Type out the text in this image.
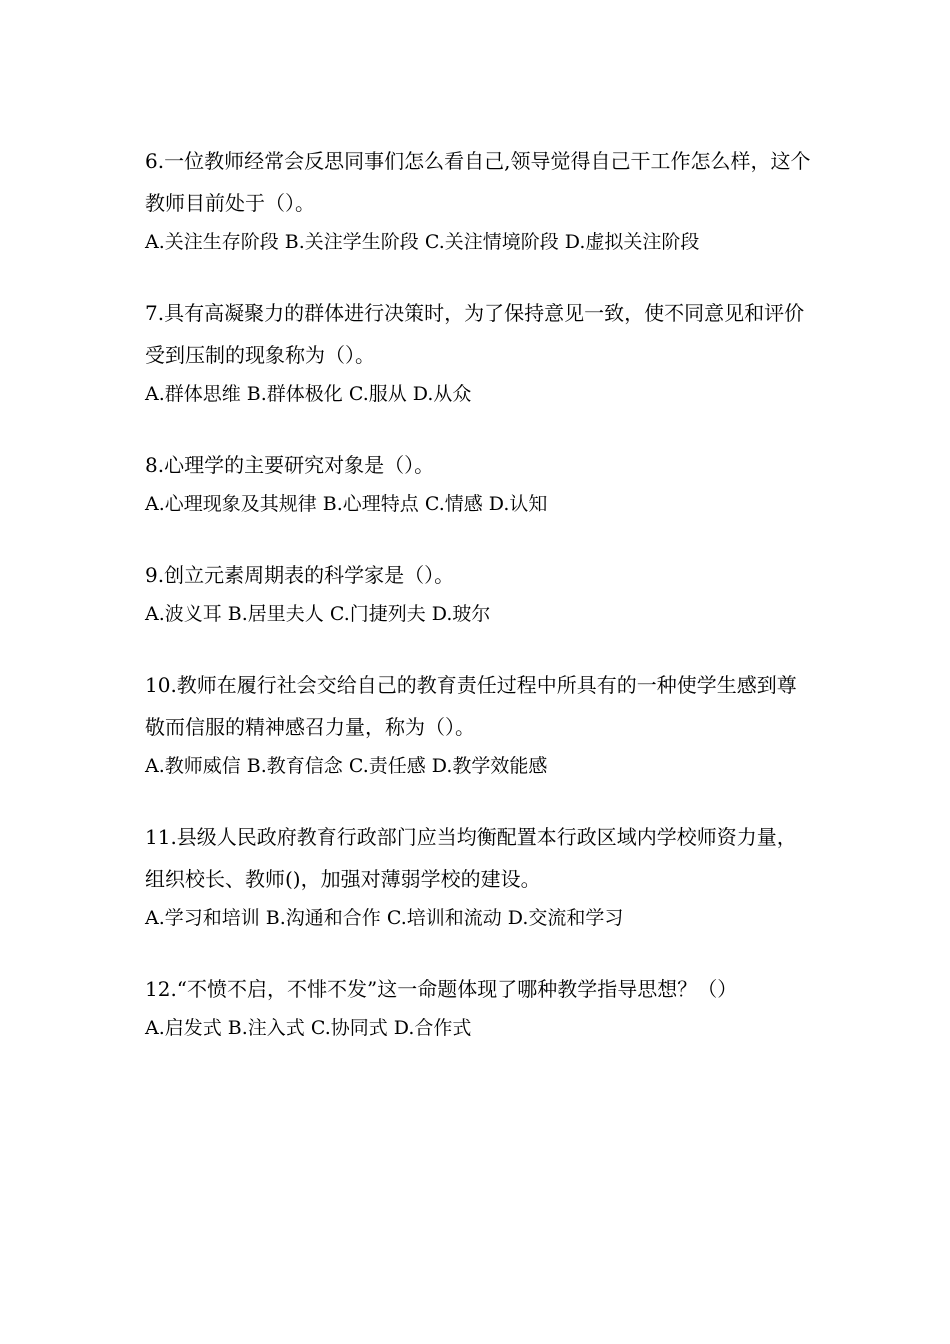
6.一位教师经常会反思同事们怎么看自己,领导觉得自己干工作怎么样，这个教师目前处于（）。

A.关注生存阶段 B.关注学生阶段 C.关注情境阶段 D.虚拟关注阶段

7.具有高凝聚力的群体进行决策时，为了保持意见一致，使不同意见和评价受到压制的现象称为（）。

A.群体思维 B.群体极化 C.服从 D.从众

8.心理学的主要研究对象是（）。

A.心理现象及其规律 B.心理特点 C.情感 D.认知

9.创立元素周期表的科学家是（）。

A.波义耳 B.居里夫人 C.门捷列夫 D.玻尔

10.教师在履行社会交给自己的教育责任过程中所具有的一种使学生感到尊敬而信服的精神感召力量，称为（）。

A.教师威信 B.教育信念 C.责任感 D.教学效能感

11.县级人民政府教育行政部门应当均衡配置本行政区域内学校师资力量，组织校长、教师()，加强对薄弱学校的建设。

A.学习和培训 B.沟通和合作 C.培训和流动 D.交流和学习

12.“不愤不启，不悱不发”这一命题体现了哪种教学指导思想？（）

A.启发式 B.注入式 C.协同式 D.合作式
